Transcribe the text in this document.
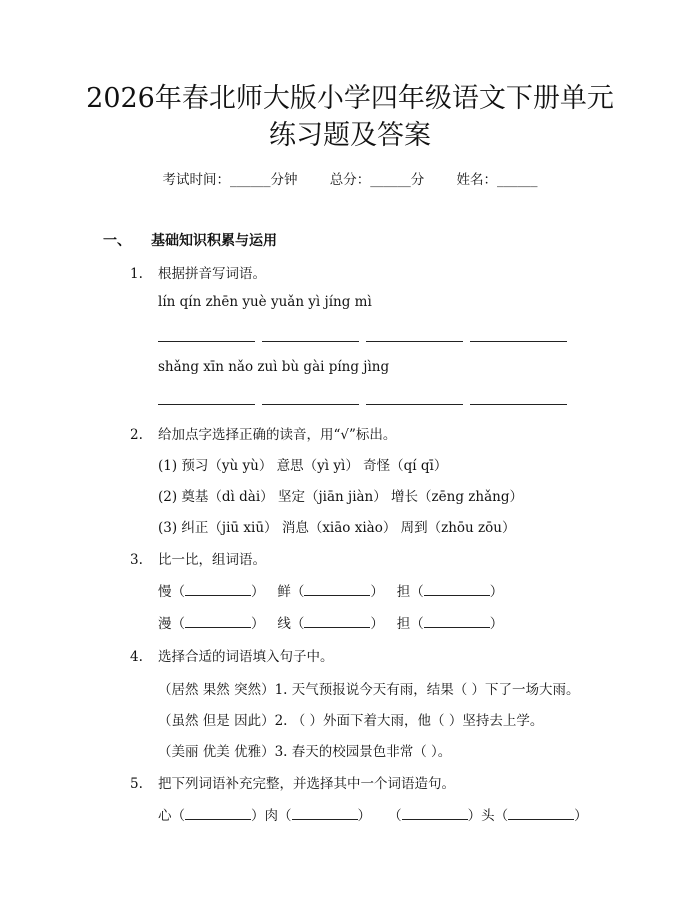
2026年春北师大版小学四年级语文下册单元
练习题及答案
考试时间：______分钟 总分：______分 姓名：______
一、 基础知识积累与运用
1. 根据拼音写词语。
lín qín zhēn yuè yuǎn yì jíng mì
shǎng xīn nǎo zuì bù gài píng jìng
2. 给加点字选择正确的读音，用“√”标出。
(1) 预习（yù yù） 意思（yì yì） 奇怪（qí qī）
(2) 奠基（dì dài） 坚定（jiān jiàn） 增长（zēng zhǎng）
(3) 纠正（jiū xiū） 消息（xiāo xiào） 周到（zhōu zōu）
3. 比一比，组词语。
慢（	）   鲜（	）   担（	）
漫（	）   线（	）   担（	）
4. 选择合适的词语填入句子中。
（居然 果然 突然）1. 天气预报说今天有雨，结果（ ）下了一场大雨。
（虽然 但是 因此）2. （ ）外面下着大雨，他（ ）坚持去上学。
（美丽 优美 优雅）3. 春天的校园景色非常（ ）。
5. 把下列词语补充完整，并选择其中一个词语造句。
心（	）肉（	）    （	）头（	）
